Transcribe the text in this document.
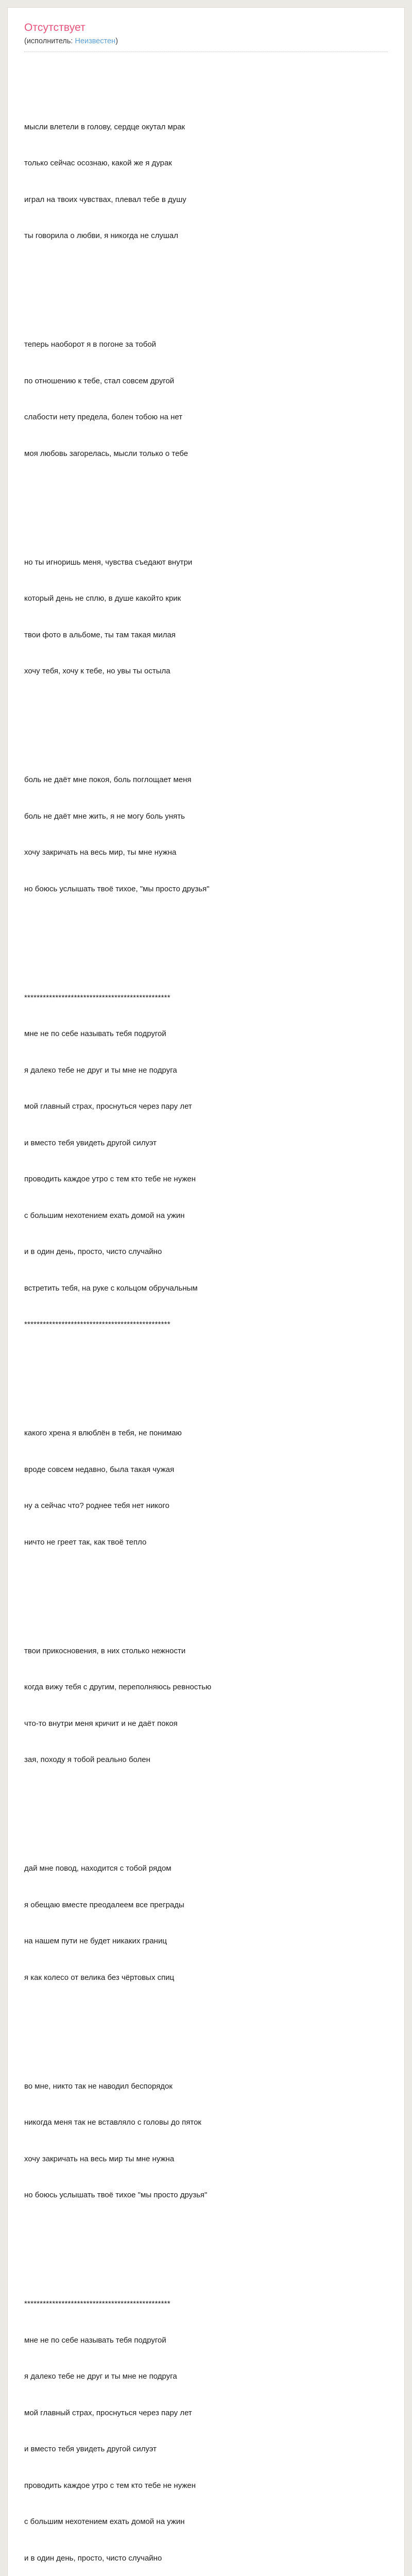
Отсутствует
(исполнитель: Неизвестен)

мысли влетели в голову, сердце окутал мрак

только сейчас осознаю, какой же я дурак

играл на твоих чувствах, плевал тебе в душу

ты говорила о любви, я никогда не слушал

теперь наоборот я в погоне за тобой

по отношению к тебе, стал совсем другой

слабости нету предела, болен тобою на нет

моя любовь загорелась, мысли только о тебе

но ты игноришь меня, чувства съедают внутри

который день не сплю, в душе какойто крик

твои фото в альбоме, ты там такая милая

хочу тебя, хочу к тебе, но увы ты остыла

боль не даёт мне покоя, боль поглощает меня

боль не даёт мне жить, я не могу боль унять

хочу закричать на весь мир, ты мне нужна

но боюсь услышать твоё тихое, "мы просто друзья"

***********************************************

мне не по себе называть тебя подругой

я далеко тебе не друг и ты мне не подруга

мой главный страх, проснуться через пару лет

и вместо тебя увидеть другой силуэт

проводить каждое утро с тем кто тебе не нужен

с большим нехотением ехать домой на ужин

и в один день, просто, чисто случайно

встретить тебя, на руке с кольцом обручальным

***********************************************

какого хрена я влюблён в тебя, не понимаю

вроде совсем недавно, была такая чужая

ну а сейчас что? роднее тебя нет никого

ничто не греет так, как твоё тепло

твои прикосновения, в них столько нежности

когда вижу тебя с другим, переполняюсь ревностью

что-то внутри меня кричит и не даёт покоя

зая, походу я тобой реально болен

дай мне повод, находится с тобой рядом

я обещаю вместе преодалеем все преграды

на нашем пути не будет никаких границ

я как колесо от велика без чёртовых спиц

во мне, никто так не наводил беспорядок

никогда меня так не вставляло с головы до пяток

хочу закричать на весь мир ты мне нужна

но боюсь услышать твоё тихое "мы просто друзья"

***********************************************

мне не по себе называть тебя подругой

я далеко тебе не друг и ты мне не подруга

мой главный страх, проснуться через пару лет

и вместо тебя увидеть другой силуэт

проводить каждое утро с тем кто тебе не нужен

с большим нехотением ехать домой на ужин

и в один день, просто, чисто случайно
